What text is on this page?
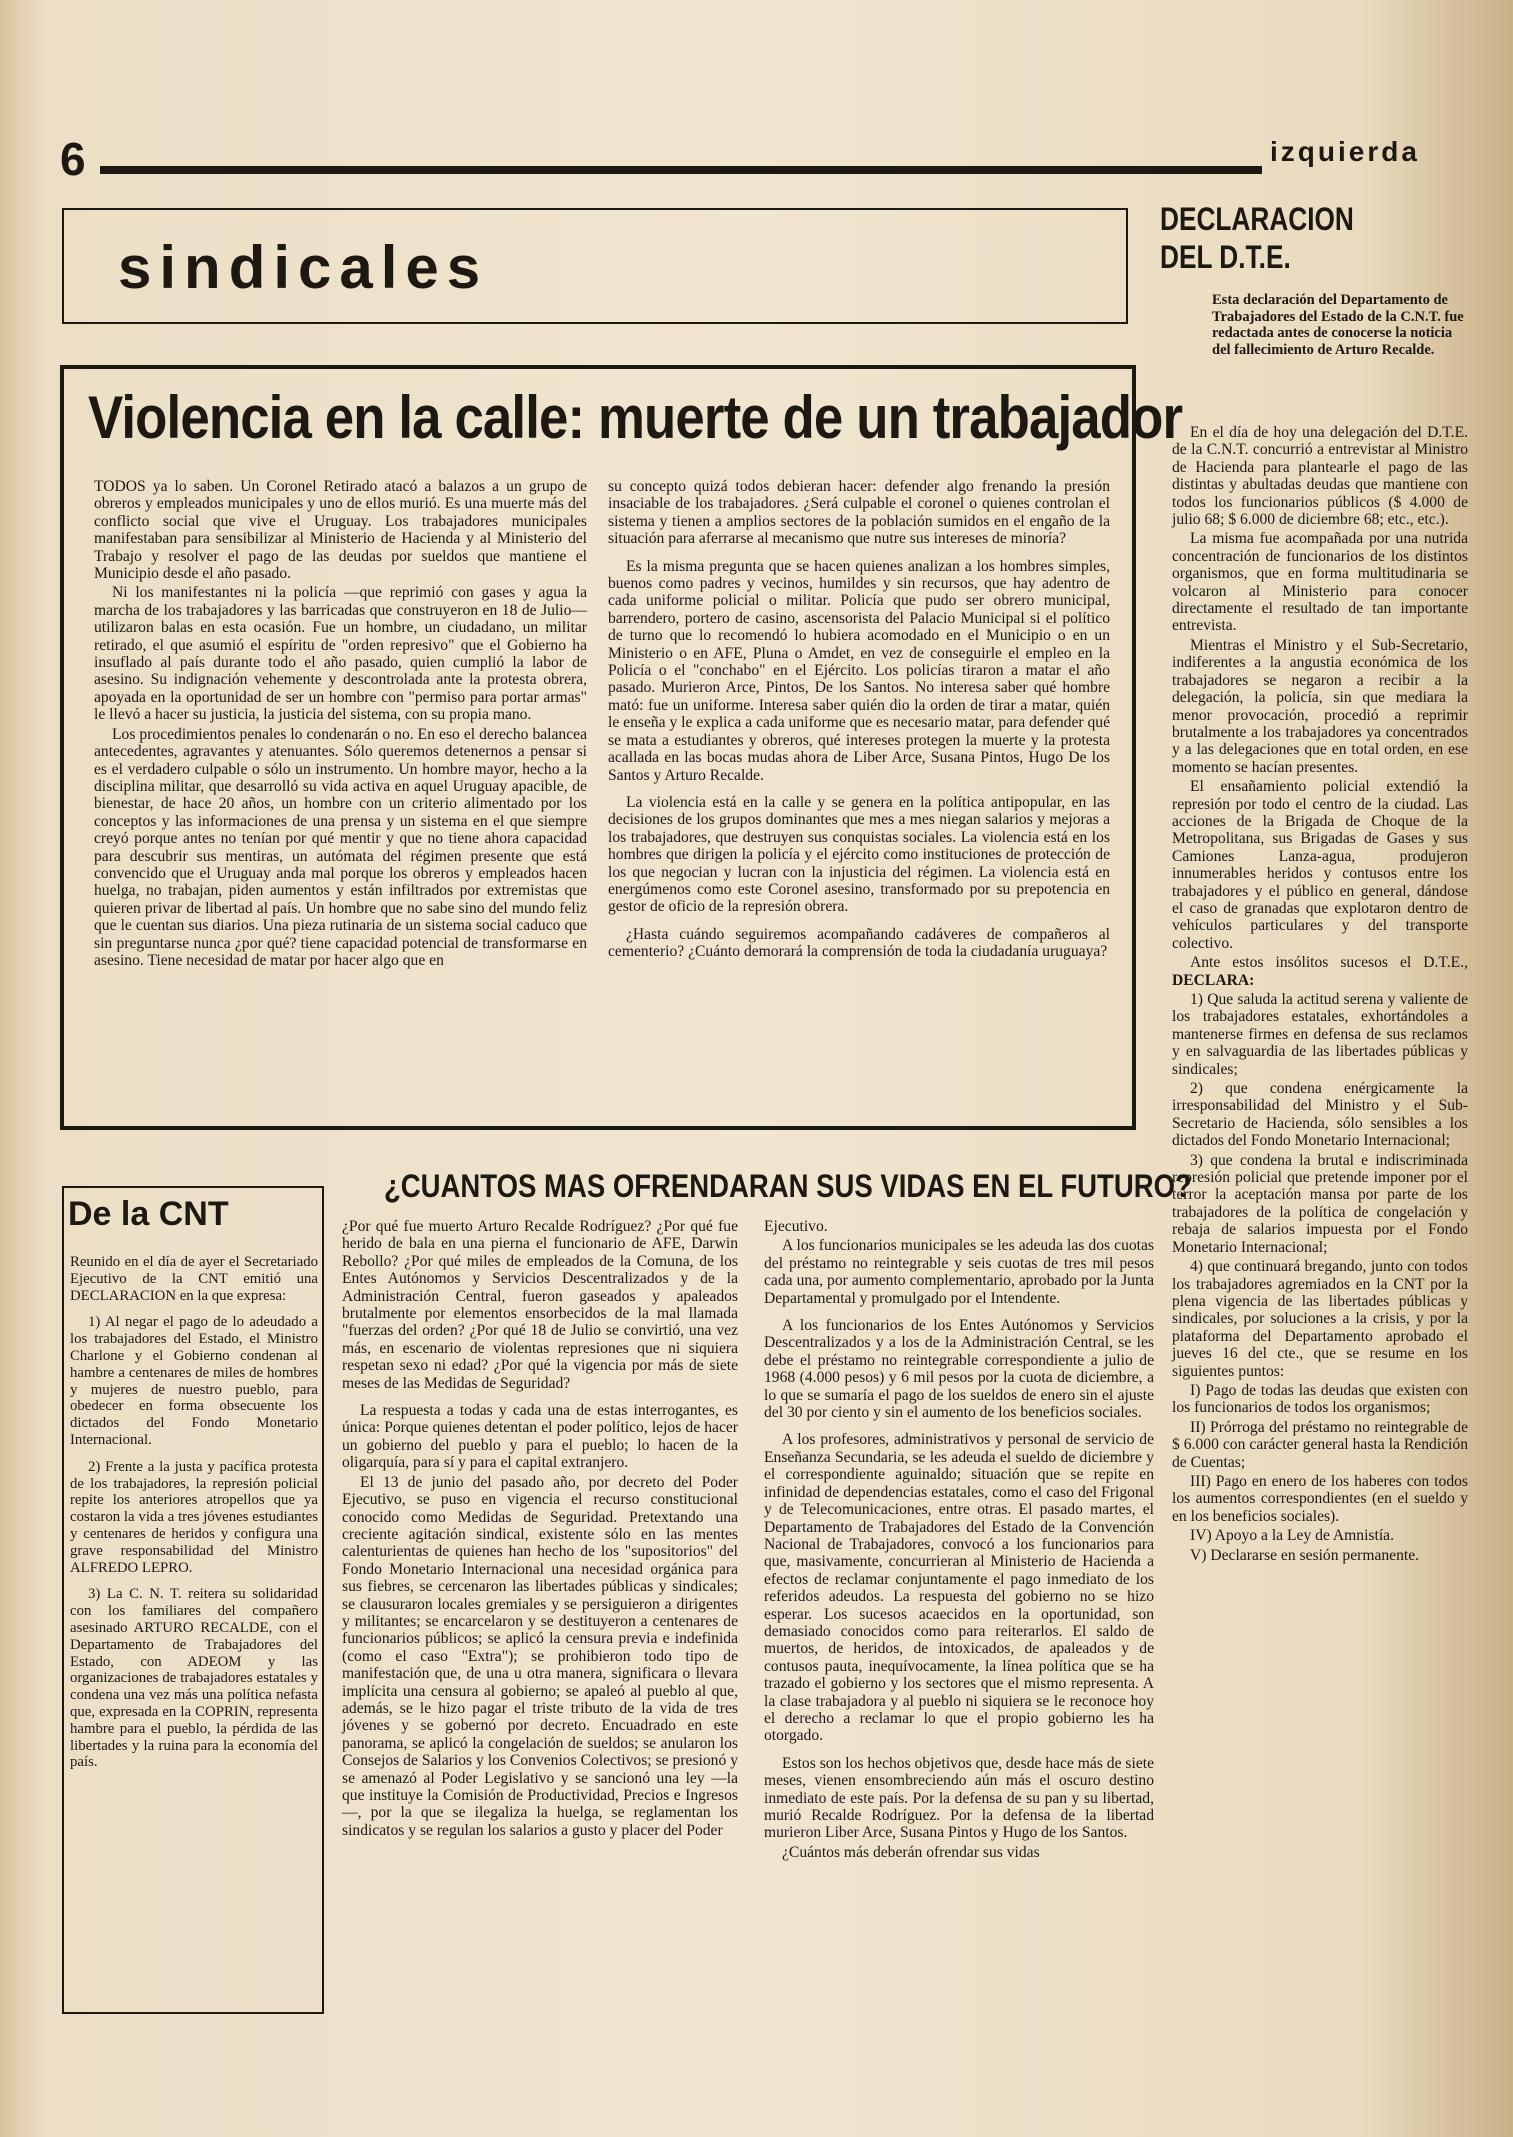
6	izquierda
sindicales
Violencia en la calle: muerte de un trabajador

TODOS ya lo saben. Un Coronel Retirado atacó a balazos a un grupo de obreros y empleados municipales y uno de ellos murió. Es una muerte más del conflicto social que vive el Uruguay. Los trabajadores municipales manifestaban para sensibilizar al Ministerio de Hacienda y al Ministerio del Trabajo y resolver el pago de las deudas por sueldos que mantiene el Municipio desde el año pasado.

Ni los manifestantes ni la policía —que reprimió con gases y agua la marcha de los trabajadores y las barricadas que construyeron en 18 de Julio— utilizaron balas en esta ocasión. Fue un hombre, un ciudadano, un militar retirado, el que asumió el espíritu de "orden represivo" que el Gobierno ha insuflado al país durante todo el año pasado, quien cumplió la labor de asesino. Su indignación vehemente y descontrolada ante la protesta obrera, apoyada en la oportunidad de ser un hombre con "permiso para portar armas" le llevó a hacer su justicia, la justicia del sistema, con su propia mano.

Los procedimientos penales lo condenarán o no. En eso el derecho balancea antecedentes, agravantes y atenuantes. Sólo queremos detenernos a pensar si es el verdadero culpable o sólo un instrumento. Un hombre mayor, hecho a la disciplina militar, que desarrolló su vida activa en aquel Uruguay apacible, de bienestar, de hace 20 años, un hombre con un criterio alimentado por los conceptos y las informaciones de una prensa y un sistema en el que siempre creyó porque antes no tenían por qué mentir y que no tiene ahora capacidad para descubrir sus mentiras, un autómata del régimen presente que está convencido que el Uruguay anda mal porque los obreros y empleados hacen huelga, no trabajan, piden aumentos y están infiltrados por extremistas que quieren privar de libertad al país. Un hombre que no sabe sino del mundo feliz que le cuentan sus diarios. Una pieza rutinaria de un sistema social caduco que sin preguntarse nunca ¿por qué? tiene capacidad potencial de transformarse en asesino. Tiene necesidad de matar por hacer algo que en

su concepto quizá todos debieran hacer: defender algo frenando la presión insaciable de los trabajadores. ¿Será culpable el coronel o quienes controlan el sistema y tienen a amplios sectores de la población sumidos en el engaño de la situación para aferrarse al mecanismo que nutre sus intereses de minoría?

Es la misma pregunta que se hacen quienes analizan a los hombres simples, buenos como padres y vecinos, humildes y sin recursos, que hay adentro de cada uniforme policial o militar. Policía que pudo ser obrero municipal, barrendero, portero de casino, ascensorista del Palacio Municipal si el político de turno que lo recomendó lo hubiera acomodado en el Municipio o en un Ministerio o en AFE, Pluna o Amdet, en vez de conseguirle el empleo en la Policía o el "conchabo" en el Ejército. Los policías tiraron a matar el año pasado. Murieron Arce, Pintos, De los Santos. No interesa saber qué hombre mató: fue un uniforme. Interesa saber quién dio la orden de tirar a matar, quién le enseña y le explica a cada uniforme que es necesario matar, para defender qué se mata a estudiantes y obreros, qué intereses protegen la muerte y la protesta acallada en las bocas mudas ahora de Liber Arce, Susana Pintos, Hugo De los Santos y Arturo Recalde.

La violencia está en la calle y se genera en la política antipopular, en las decisiones de los grupos dominantes que mes a mes niegan salarios y mejoras a los trabajadores, que destruyen sus conquistas sociales. La violencia está en los hombres que dirigen la policía y el ejército como instituciones de protección de los que negocian y lucran con la injusticia del régimen. La violencia está en energúmenos como este Coronel asesino, transformado por su prepotencia en gestor de oficio de la represión obrera.

¿Hasta cuándo seguiremos acompañando cadáveres de compañeros al cementerio? ¿Cuánto demorará la comprensión de toda la ciudadanía uruguaya?

DECLARACION
DEL D.T.E.
Esta declaración del Departamento de Trabajadores del Estado de la C.N.T. fue redactada antes de conocerse la noticia del fallecimiento de Arturo Recalde.

En el día de hoy una delegación del D.T.E. de la C.N.T. concurrió a entrevistar al Ministro de Hacienda para plantearle el pago de las distintas y abultadas deudas que mantiene con todos los funcionarios públicos ($ 4.000 de julio 68; $ 6.000 de diciembre 68; etc., etc.).

La misma fue acompañada por una nutrida concentración de funcionarios de los distintos organismos, que en forma multitudinaria se volcaron al Ministerio para conocer directamente el resultado de tan importante entrevista.

Mientras el Ministro y el Sub-Secretario, indiferentes a la angustia económica de los trabajadores se negaron a recibir a la delegación, la policía, sin que mediara la menor provocación, procedió a reprimir brutalmente a los trabajadores ya concentrados y a las delegaciones que en total orden, en ese momento se hacían presentes.

El ensañamiento policial extendió la represión por todo el centro de la ciudad. Las acciones de la Brigada de Choque de la Metropolitana, sus Brigadas de Gases y sus Camiones Lanza-agua, produjeron innumerables heridos y contusos entre los trabajadores y el público en general, dándose el caso de granadas que explotaron dentro de vehículos particulares y del transporte colectivo.

Ante estos insólitos sucesos el D.T.E., DECLARA:

1) Que saluda la actitud serena y valiente de los trabajadores estatales, exhortándoles a mantenerse firmes en defensa de sus reclamos y en salvaguardia de las libertades públicas y sindicales;

2) que condena enérgicamente la irresponsabilidad del Ministro y el Sub-Secretario de Hacienda, sólo sensibles a los dictados del Fondo Monetario Internacional;

3) que condena la brutal e indiscriminada represión policial que pretende imponer por el terror la aceptación mansa por parte de los trabajadores de la política de congelación y rebaja de salarios impuesta por el Fondo Monetario Internacional;

4) que continuará bregando, junto con todos los trabajadores agremiados en la CNT por la plena vigencia de las libertades públicas y sindicales, por soluciones a la crisis, y por la plataforma del Departamento aprobado el jueves 16 del cte., que se resume en los siguientes puntos:

I) Pago de todas las deudas que existen con los funcionarios de todos los organismos;

II) Prórroga del préstamo no reintegrable de $ 6.000 con carácter general hasta la Rendición de Cuentas;

III) Pago en enero de los haberes con todos los aumentos correspondientes (en el sueldo y en los beneficios sociales).

IV) Apoyo a la Ley de Amnistía.

V) Declararse en sesión permanente.

De la CNT

Reunido en el día de ayer el Secretariado Ejecutivo de la CNT emitió una DECLARACION en la que expresa:

1) Al negar el pago de lo adeudado a los trabajadores del Estado, el Ministro Charlone y el Gobierno condenan al hambre a centenares de miles de hombres y mujeres de nuestro pueblo, para obedecer en forma obsecuente los dictados del Fondo Monetario Internacional.

2) Frente a la justa y pacífica protesta de los trabajadores, la represión policial repite los anteriores atropellos que ya costaron la vida a tres jóvenes estudiantes y centenares de heridos y configura una grave responsabilidad del Ministro ALFREDO LEPRO.

3) La C. N. T. reitera su solidaridad con los familiares del compañero asesinado ARTURO RECALDE, con el Departamento de Trabajadores del Estado, con ADEOM y las organizaciones de trabajadores estatales y condena una vez más una política nefasta que, expresada en la COPRIN, representa hambre para el pueblo, la pérdida de las libertades y la ruina para la economía del país.

¿CUANTOS MAS OFRENDARAN SUS VIDAS EN EL FUTURO?

¿Por qué fue muerto Arturo Recalde Rodríguez? ¿Por qué fue herido de bala en una pierna el funcionario de AFE, Darwin Rebollo? ¿Por qué miles de empleados de la Comuna, de los Entes Autónomos y Servicios Descentralizados y de la Administración Central, fueron gaseados y apaleados brutalmente por elementos ensorbecidos de la mal llamada "fuerzas del orden? ¿Por qué 18 de Julio se convirtió, una vez más, en escenario de violentas represiones que ni siquiera respetan sexo ni edad? ¿Por qué la vigencia por más de siete meses de las Medidas de Seguridad?

La respuesta a todas y cada una de estas interrogantes, es única: Porque quienes detentan el poder político, lejos de hacer un gobierno del pueblo y para el pueblo; lo hacen de la oligarquía, para sí y para el capital extranjero.

El 13 de junio del pasado año, por decreto del Poder Ejecutivo, se puso en vigencia el recurso constitucional conocido como Medidas de Seguridad. Pretextando una creciente agitación sindical, existente sólo en las mentes calenturientas de quienes han hecho de los "supositorios" del Fondo Monetario Internacional una necesidad orgánica para sus fiebres, se cercenaron las libertades públicas y sindicales; se clausuraron locales gremiales y se persiguieron a dirigentes y militantes; se encarcelaron y se destituyeron a centenares de funcionarios públicos; se aplicó la censura previa e indefinida (como el caso "Extra"); se prohibieron todo tipo de manifestación que, de una u otra manera, significara o llevara implícita una censura al gobierno; se apaleó al pueblo al que, además, se le hizo pagar el triste tributo de la vida de tres jóvenes y se gobernó por decreto. Encuadrado en este panorama, se aplicó la congelación de sueldos; se anularon los Consejos de Salarios y los Convenios Colectivos; se presionó y se amenazó al Poder Legislativo y se sancionó una ley —la que instituye la Comisión de Productividad, Precios e Ingresos—, por la que se ilegaliza la huelga, se reglamentan los sindicatos y se regulan los salarios a gusto y placer del Poder

Ejecutivo.

A los funcionarios municipales se les adeuda las dos cuotas del préstamo no reintegrable y seis cuotas de tres mil pesos cada una, por aumento complementario, aprobado por la Junta Departamental y promulgado por el Intendente.

A los funcionarios de los Entes Autónomos y Servicios Descentralizados y a los de la Administración Central, se les debe el préstamo no reintegrable correspondiente a julio de 1968 (4.000 pesos) y 6 mil pesos por la cuota de diciembre, a lo que se sumaría el pago de los sueldos de enero sin el ajuste del 30 por ciento y sin el aumento de los beneficios sociales.

A los profesores, administrativos y personal de servicio de Enseñanza Secundaria, se les adeuda el sueldo de diciembre y el correspondiente aguinaldo; situación que se repite en infinidad de dependencias estatales, como el caso del Frigonal y de Telecomunicaciones, entre otras. El pasado martes, el Departamento de Trabajadores del Estado de la Convención Nacional de Trabajadores, convocó a los funcionarios para que, masivamente, concurrieran al Ministerio de Hacienda a efectos de reclamar conjuntamente el pago inmediato de los referidos adeudos. La respuesta del gobierno no se hizo esperar. Los sucesos acaecidos en la oportunidad, son demasiado conocidos como para reiterarlos. El saldo de muertos, de heridos, de intoxicados, de apaleados y de contusos pauta, inequívocamente, la línea política que se ha trazado el gobierno y los sectores que el mismo representa. A la clase trabajadora y al pueblo ni siquiera se le reconoce hoy el derecho a reclamar lo que el propio gobierno les ha otorgado.

Estos son los hechos objetivos que, desde hace más de siete meses, vienen ensombreciendo aún más el oscuro destino inmediato de este país. Por la defensa de su pan y su libertad, murió Recalde Rodríguez. Por la defensa de la libertad murieron Liber Arce, Susana Pintos y Hugo de los Santos.

¿Cuántos más deberán ofrendar sus vidas
